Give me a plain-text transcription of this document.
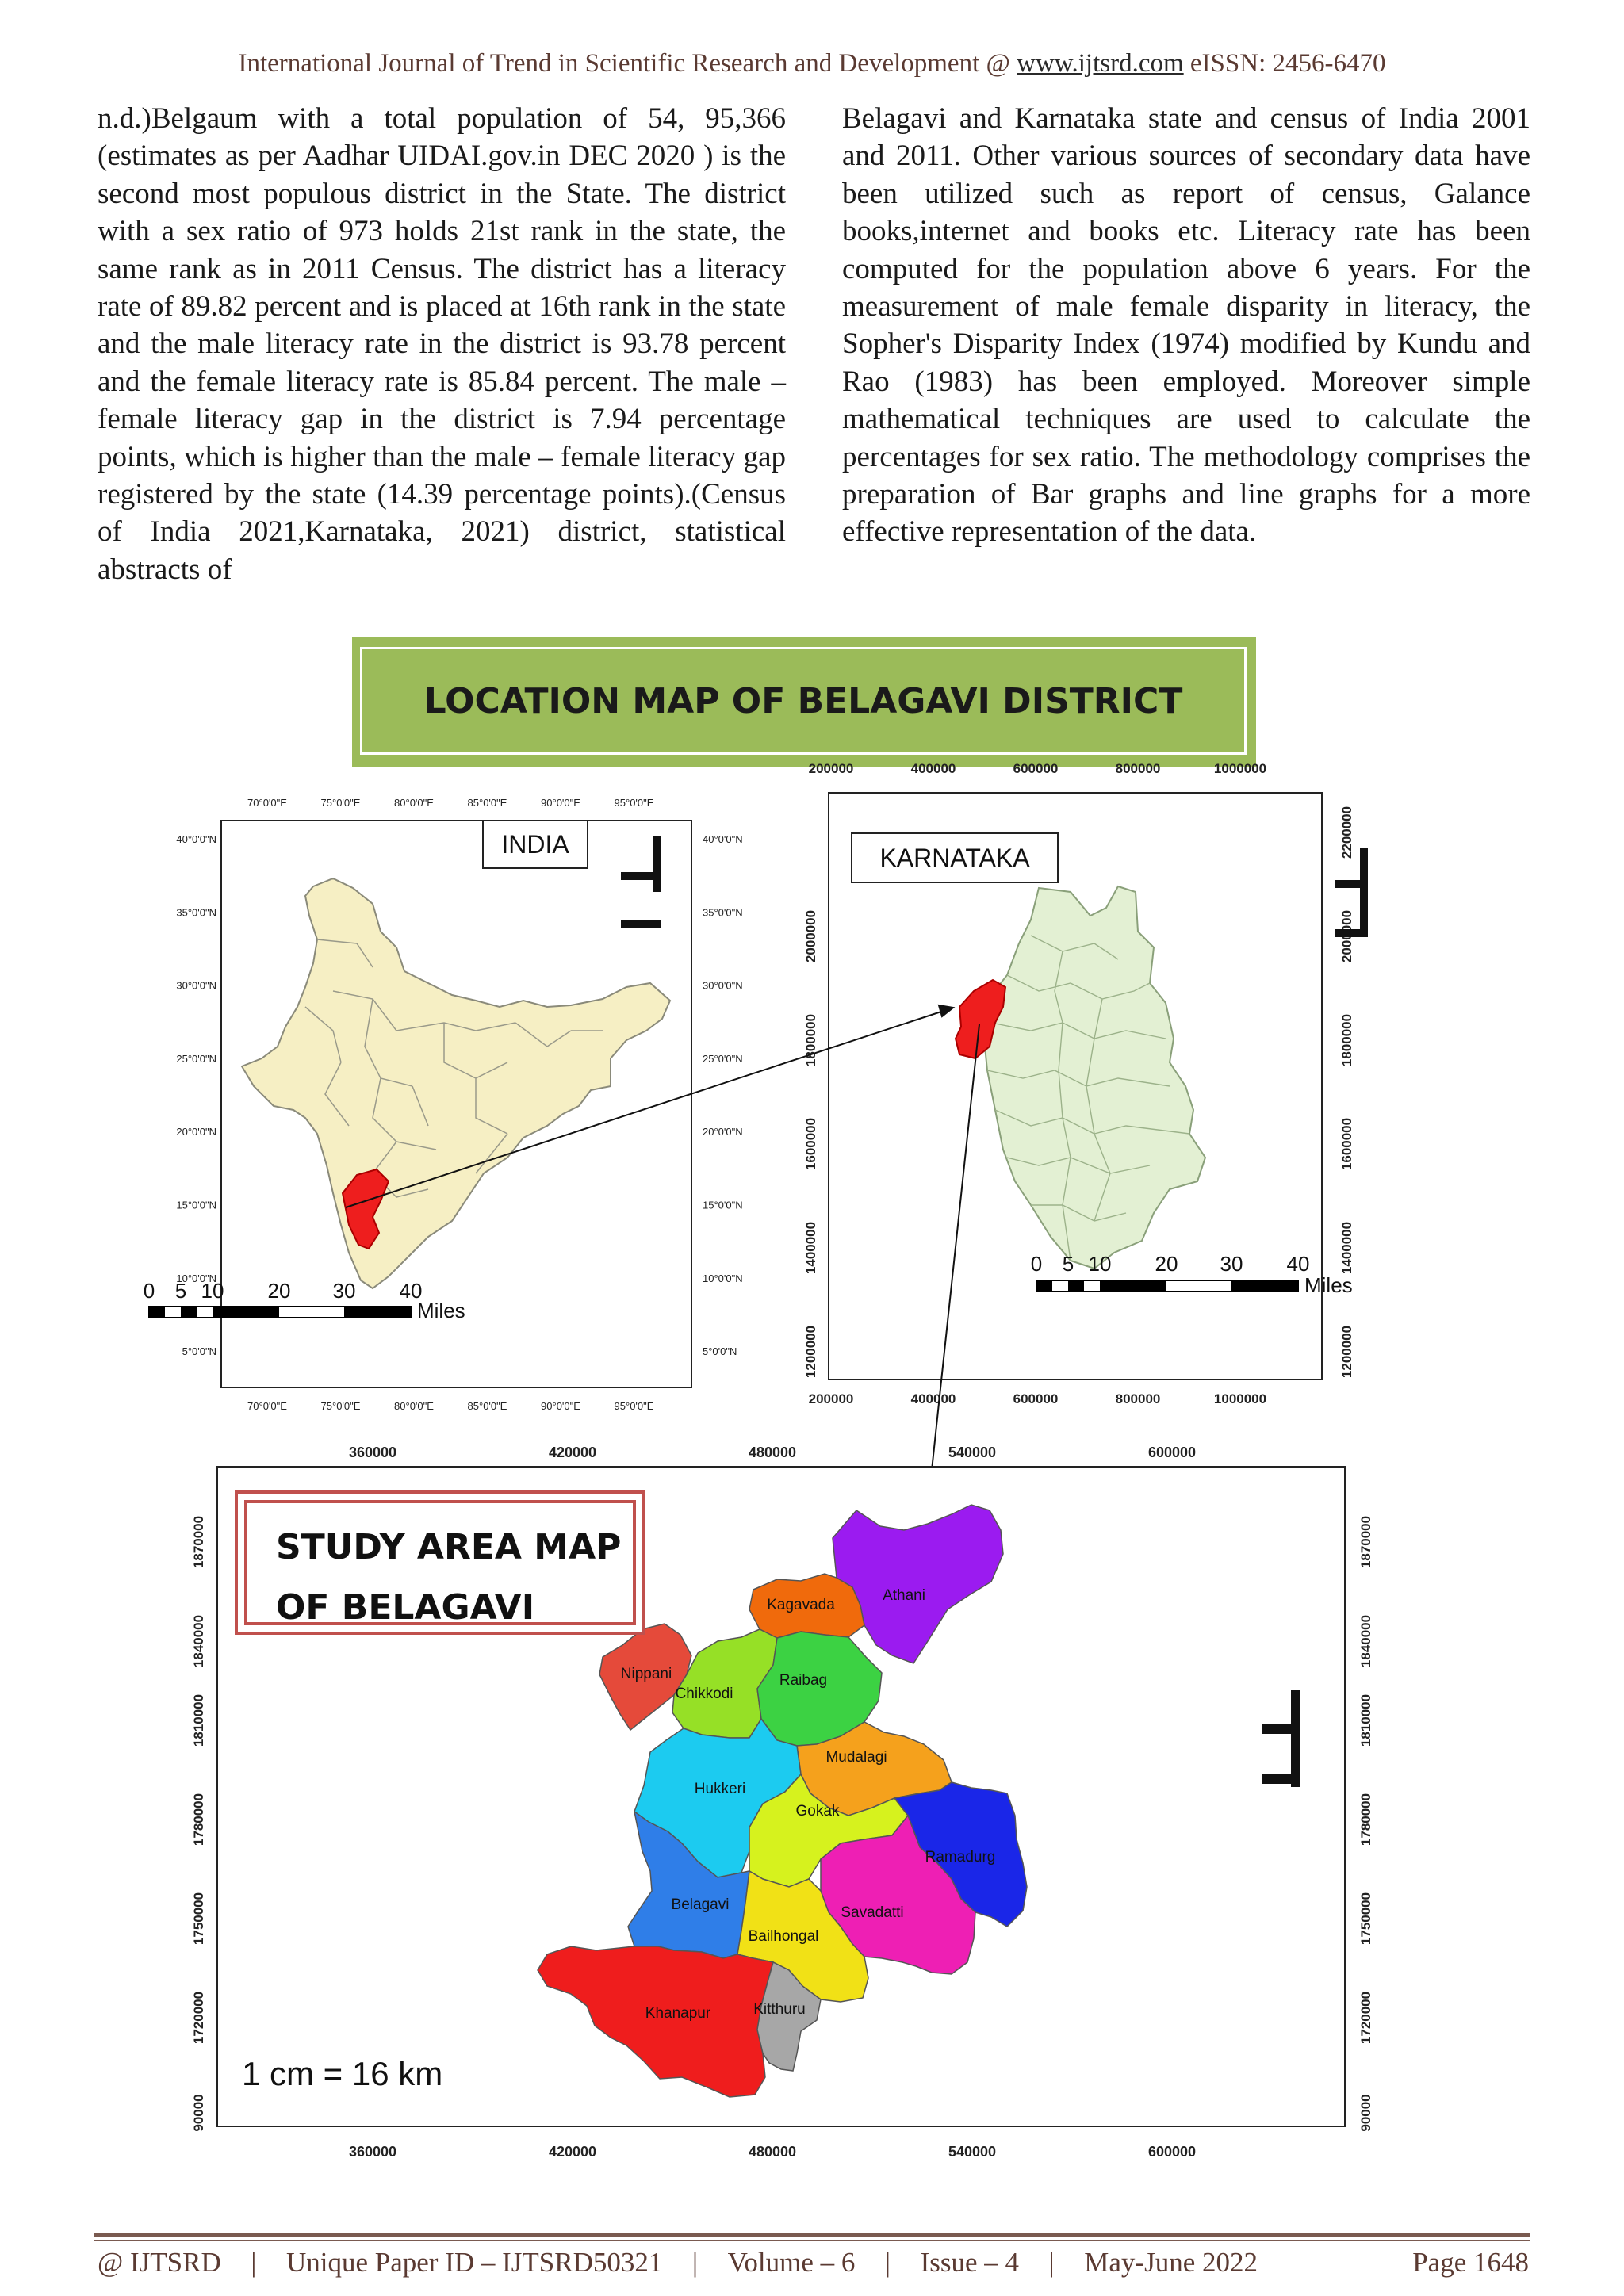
International Journal of Trend in Scientific Research and Development @ www.ijtsrd.com eISSN: 2456-6470

n.d.)Belgaum with a total population of 54, 95,366 (estimates as per Aadhar UIDAI.gov.in DEC 2020 ) is the second most populous district in the State. The district with a sex ratio of 973 holds 21st rank in the state, the same rank as in 2011 Census. The district has a literacy rate of 89.82 percent and is placed at 16th rank in the state and the male literacy rate in the district is 93.78 percent and the female literacy rate is 85.84 percent. The male – female literacy gap in the district is 7.94 percentage points, which is higher than the male – female literacy gap registered by the state (14.39 percentage points).(Census of India 2021,Karnataka, 2021) district, statistical abstracts of

Belagavi and Karnataka state and census of India 2001 and 2011. Other various sources of secondary data have been utilized such as report of census, Galance books,internet and books etc. Literacy rate has been computed for the population above 6 years. For the measurement of male female disparity in literacy, the Sopher's Disparity Index (1974) modified by Kundu and Rao (1983) has been employed. Moreover simple mathematical techniques are used to calculate the percentages for sex ratio. The methodology comprises the preparation of Bar graphs and line graphs for a more effective representation of the data.

LOCATION MAP OF BELAGAVI DISTRICT
70°0'0"E	75°0'0"E	80°0'0"E	85°0'0"E	90°0'0"E	95°0'0"E
70°0'0"E	75°0'0"E	80°0'0"E	85°0'0"E	90°0'0"E	95°0'0"E
40°0'0"N
35°0'0"N
30°0'0"N
25°0'0"N
20°0'0"N
15°0'0"N
10°0'0"N
5°0'0"N
40°0'0"N
35°0'0"N
30°0'0"N
25°0'0"N
20°0'0"N
15°0'0"N
10°0'0"N
5°0'0"N
0 5 10 20 30 40
Miles
200000	400000	600000	800000	1000000
200000	400000	600000	800000	1000000
2000000
1800000
1600000
1400000
1200000
2200000
1800000
1600000
1400000
1200000
0 5 10 20 30 40
Miles
360000	420000	480000	540000	600000
360000	420000	480000	540000	600000
1870000
1840000
1810000
1780000
1750000
1720000
90000
1870000
1840000
1810000
1780000
1750000
1720000
90000
Athani
Kagavada
Nippani
Chikkodi
Raibag
Mudalagi
Hukkeri
Gokak
Ramadurg
Belagavi	Savadatti
Bailhongal
Khanapur	Kitthuru
INDIA	KARNATAKA
STUDY AREA MAP
OF BELAGAVI
1 cm = 16 km
@ IJTSRD | Unique Paper ID – IJTSRD50321 | Volume – 6 | Issue – 4 | May-June 2022	Page 1648
